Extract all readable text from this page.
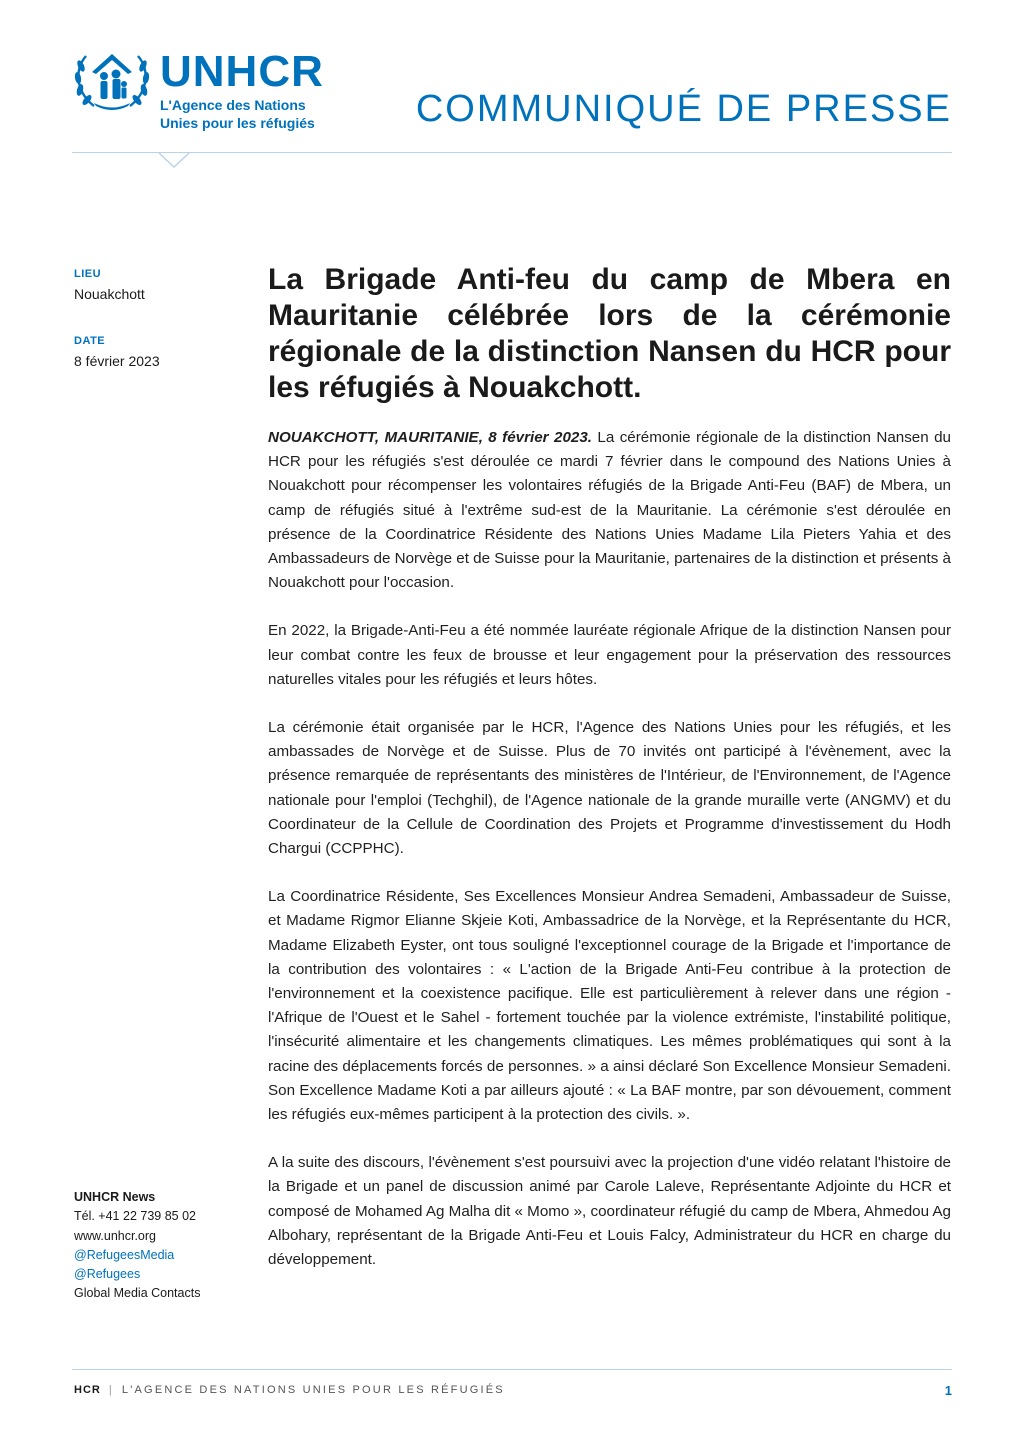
UNHCR
L'Agence des Nations
Unies pour les réfugiés	COMMUNIQUÉ DE PRESSE
LIEU
Nouakchott
DATE
8 février 2023
La Brigade Anti-feu du camp de Mbera en Mauritanie célébrée lors de la cérémonie régionale de la distinction Nansen du HCR pour les réfugiés à Nouakchott.

NOUAKCHOTT, MAURITANIE, 8 février 2023. La cérémonie régionale de la distinction Nansen du HCR pour les réfugiés s'est déroulée ce mardi 7 février dans le compound des Nations Unies à Nouakchott pour récompenser les volontaires réfugiés de la Brigade Anti-Feu (BAF) de Mbera, un camp de réfugiés situé à l'extrême sud-est de la Mauritanie. La cérémonie s'est déroulée en présence de la Coordinatrice Résidente des Nations Unies Madame Lila Pieters Yahia et des Ambassadeurs de Norvège et de Suisse pour la Mauritanie, partenaires de la distinction et présents à Nouakchott pour l'occasion.

En 2022, la Brigade-Anti-Feu a été nommée lauréate régionale Afrique de la distinction Nansen pour leur combat contre les feux de brousse et leur engagement pour la préservation des ressources naturelles vitales pour les réfugiés et leurs hôtes.

La cérémonie était organisée par le HCR, l'Agence des Nations Unies pour les réfugiés, et les ambassades de Norvège et de Suisse. Plus de 70 invités ont participé à l'évènement, avec la présence remarquée de représentants des ministères de l'Intérieur, de l'Environnement, de l'Agence nationale pour l'emploi (Techghil), de l'Agence nationale de la grande muraille verte (ANGMV) et du Coordinateur de la Cellule de Coordination des Projets et Programme d'investissement du Hodh Chargui (CCPPHC).

La Coordinatrice Résidente, Ses Excellences Monsieur Andrea Semadeni, Ambassadeur de Suisse, et Madame Rigmor Elianne Skjeie Koti, Ambassadrice de la Norvège, et la Représentante du HCR, Madame Elizabeth Eyster, ont tous souligné l'exceptionnel courage de la Brigade et l'importance de la contribution des volontaires : « L'action de la Brigade Anti-Feu contribue à la protection de l'environnement et la coexistence pacifique. Elle est particulièrement à relever dans une région - l'Afrique de l'Ouest et le Sahel - fortement touchée par la violence extrémiste, l'instabilité politique, l'insécurité alimentaire et les changements climatiques. Les mêmes problématiques qui sont à la racine des déplacements forcés de personnes. » a ainsi déclaré Son Excellence Monsieur Semadeni. Son Excellence Madame Koti a par ailleurs ajouté : « La BAF montre, par son dévouement, comment les réfugiés eux-mêmes participent à la protection des civils. ».

A la suite des discours, l'évènement s'est poursuivi avec la projection d'une vidéo relatant l'histoire de la Brigade et un panel de discussion animé par Carole Laleve, Représentante Adjointe du HCR et composé de Mohamed Ag Malha dit « Momo », coordinateur réfugié du camp de Mbera, Ahmedou Ag Albohary, représentant de la Brigade Anti-Feu et Louis Falcy, Administrateur du HCR en charge du développement.

UNHCR News
Tél. +41 22 739 85 02
www.unhcr.org
@RefugeesMedia
@Refugees
Global Media Contacts
HCR | L'AGENCE DES NATIONS UNIES POUR LES RÉFUGIÉS	1
